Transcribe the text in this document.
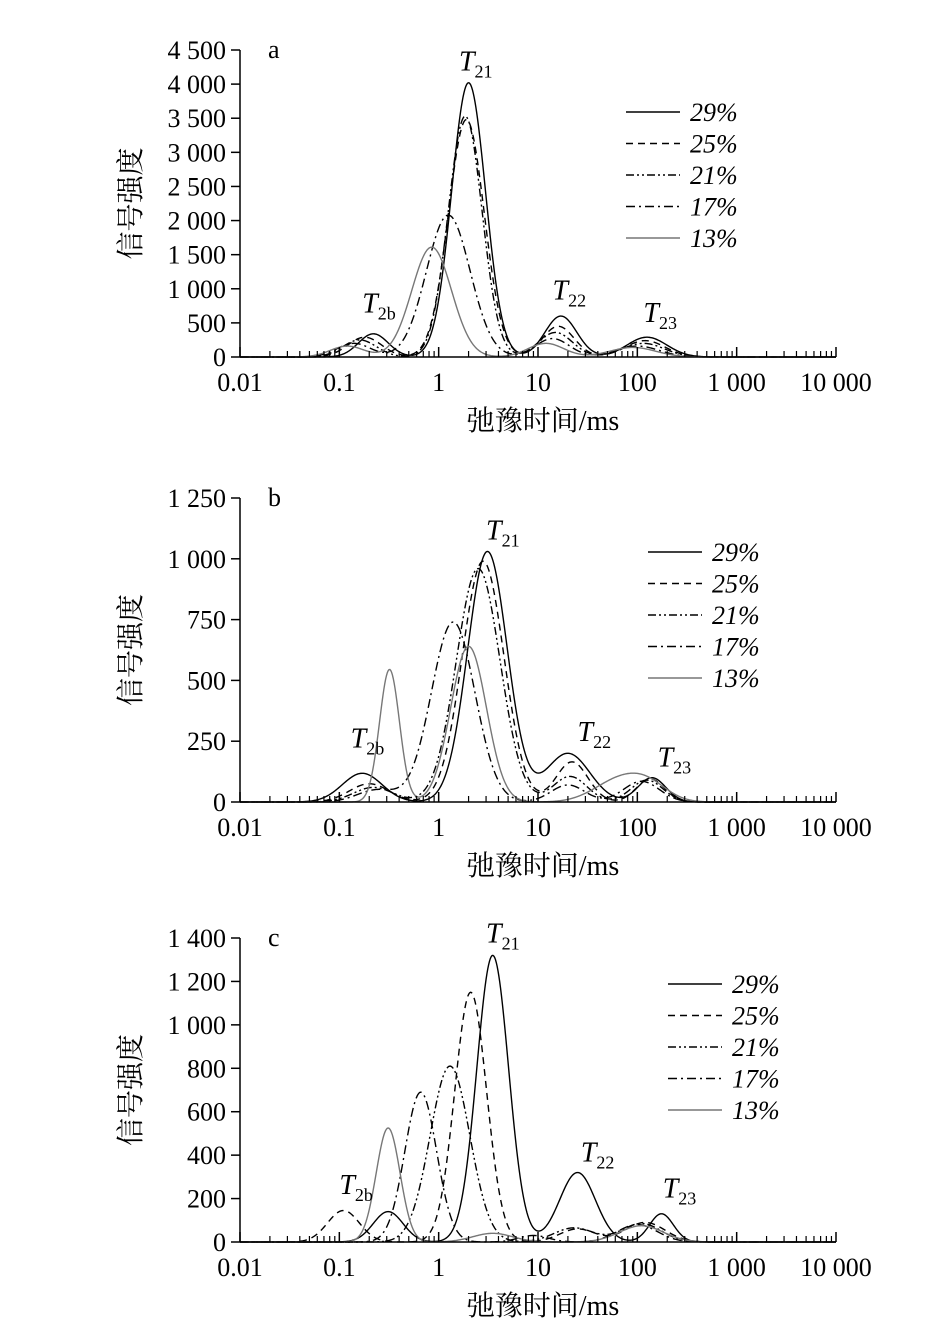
0
500
1 000
1 500
2 000
2 500
3 000
3 500
4 000
4 500
0.01 0.1	1	10	100 1 000 10 000
弛豫时间/ms
信号强度
a	$T_{21}$
$T_{2b}$
$T_{22}$ $T_{23}$
29%
25%
21%
17%
13%
0
250
500
750
1 000
1 250
0.01 0.1	1	10	100 1 000 10 000
弛豫时间/ms
信号强度
b
$T_{21}$
$T_{2b}$
$T_{22}$
$T_{23}$
29%
25%
21%
17%
13%
0
200
400
600
800
1 000
1 200
1 400
0.01 0.1	1	10	100 1 000 10 000
弛豫时间/ms
信号强度
c	$T_{21}$
$T_{2b}$
$T_{22}$
$T_{23}$
29%
25%
21%
17%
13%
